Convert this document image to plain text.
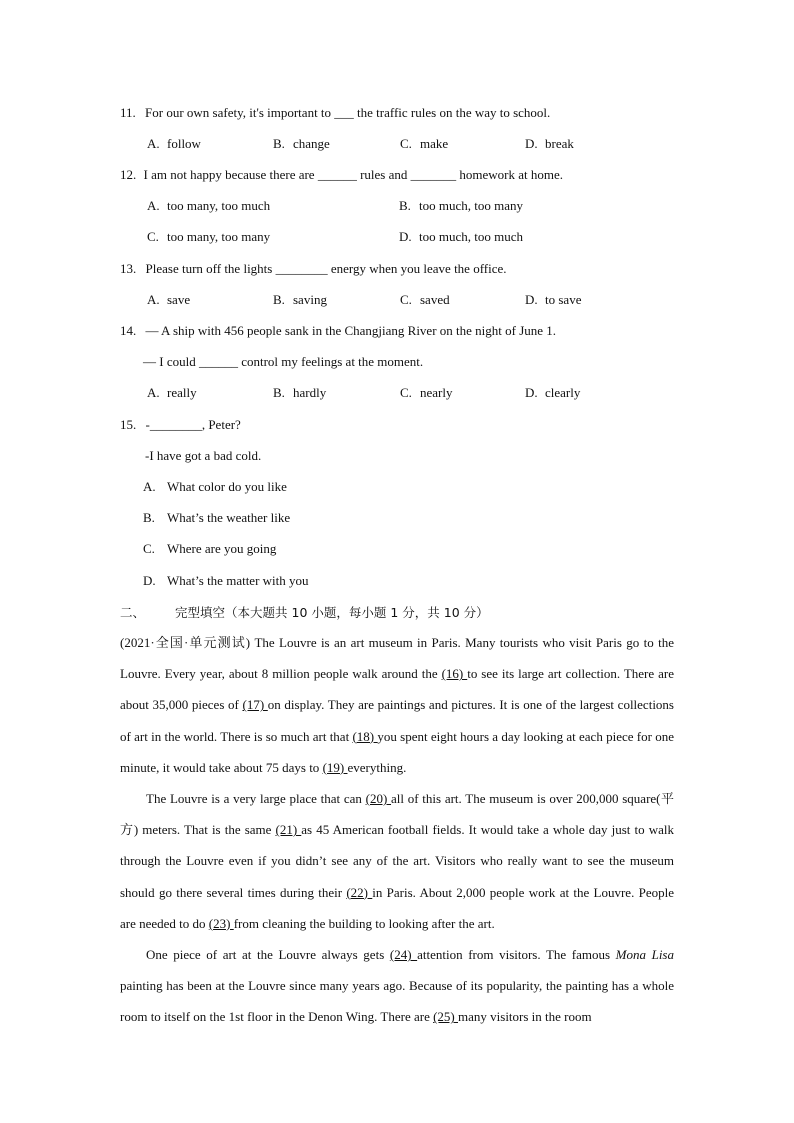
11. For our own safety, it's important to ___ the traffic rules on the way to school.
A. follow	B. change	C. make	D. break
12. I am not happy because there are ______ rules and _______ homework at home.
A. too many, too much	B. too much, too many
C. too many, too many	D. too much, too much
13. Please turn off the lights ________ energy when you leave the office.
A. save	B. saving	C. saved	D. to save
14. — A ship with 456 people sank in the Changjiang River on the night of June 1.
— I could ______ control my feelings at the moment.
A. really	B. hardly	C. nearly	D. clearly
15. -________, Peter?
-I have got a bad cold.
A. What color do you like
B. What’s the weather like
C. Where are you going
D. What’s the matter with you
二、 完型填空（本大题共 10 小题，每小题 1 分，共 10 分）

(2021·全国·单元测试) The Louvre is an art museum in Paris. Many tourists who visit Paris go to the Louvre. Every year, about 8 million people walk around the (16) to see its large art collection. There are about 35,000 pieces of (17) on display. They are paintings and pictures. It is one of the largest collections of art in the world. There is so much art that (18) you spent eight hours a day looking at each piece for one minute, it would take about 75 days to (19) everything.

The Louvre is a very large place that can (20) all of this art. The museum is over 200,000 square(平方) meters. That is the same (21) as 45 American football fields. It would take a whole day just to walk through the Louvre even if you didn’t see any of the art. Visitors who really want to see the museum should go there several times during their (22) in Paris. About 2,000 people work at the Louvre. People are needed to do (23) from cleaning the building to looking after the art.

One piece of art at the Louvre always gets (24) attention from visitors. The famous Mona Lisa painting has been at the Louvre since many years ago. Because of its popularity, the painting has a whole room to itself on the 1st floor in the Denon Wing. There are (25) many visitors in the room
